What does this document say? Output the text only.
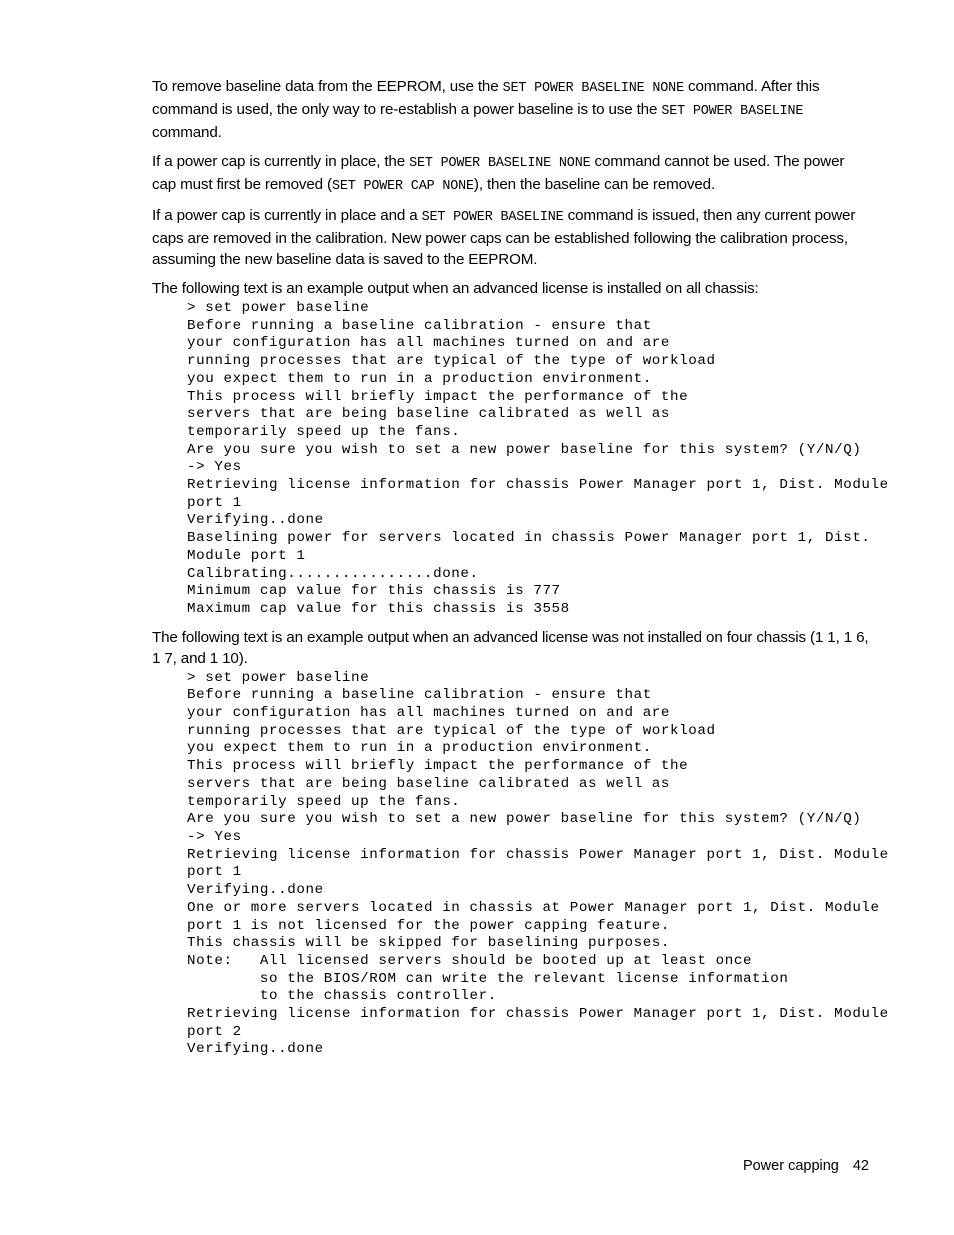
To remove baseline data from the EEPROM, use the SET POWER BASELINE NONE command. After this command is used, the only way to re-establish a power baseline is to use the SET POWER BASELINE command.

If a power cap is currently in place, the SET POWER BASELINE NONE command cannot be used. The power cap must first be removed (SET POWER CAP NONE), then the baseline can be removed.

If a power cap is currently in place and a SET POWER BASELINE command is issued, then any current power caps are removed in the calibration. New power caps can be established following the calibration process, assuming the new baseline data is saved to the EEPROM.

The following text is an example output when an advanced license is installed on all chassis:

> set power baseline
Before running a baseline calibration - ensure that
your configuration has all machines turned on and are
running processes that are typical of the type of workload
you expect them to run in a production environment.
This process will briefly impact the performance of the
servers that are being baseline calibrated as well as
temporarily speed up the fans.
Are you sure you wish to set a new power baseline for this system? (Y/N/Q)
-> Yes
Retrieving license information for chassis Power Manager port 1, Dist. Module
port 1
Verifying..done
Baselining power for servers located in chassis Power Manager port 1, Dist.
Module port 1
Calibrating................done.
Minimum cap value for this chassis is 777
Maximum cap value for this chassis is 3558

The following text is an example output when an advanced license was not installed on four chassis (1 1, 1 6, 1 7, and 1 10).

> set power baseline
Before running a baseline calibration - ensure that
your configuration has all machines turned on and are
running processes that are typical of the type of workload
you expect them to run in a production environment.
This process will briefly impact the performance of the
servers that are being baseline calibrated as well as
temporarily speed up the fans.
Are you sure you wish to set a new power baseline for this system? (Y/N/Q)
-> Yes
Retrieving license information for chassis Power Manager port 1, Dist. Module
port 1
Verifying..done
One or more servers located in chassis at Power Manager port 1, Dist. Module
port 1 is not licensed for the power capping feature.
This chassis will be skipped for baselining purposes.
Note:   All licensed servers should be booted up at least once
so the BIOS/ROM can write the relevant license information
to the chassis controller.
Retrieving license information for chassis Power Manager port 1, Dist. Module
port 2
Verifying..done
Power capping 42
